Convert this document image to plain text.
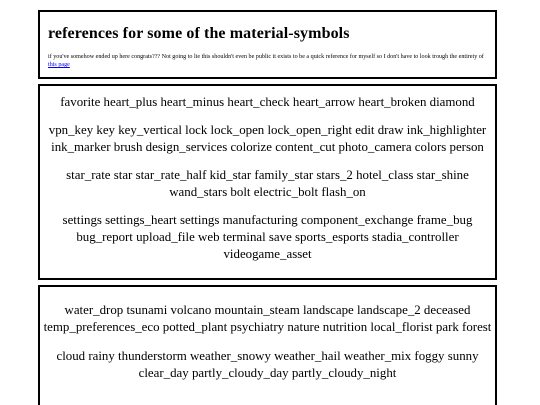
references for some of the material-symbols

if you've somehow ended up here congrats??? Not going to lie this shouldn't even be public it exists to be a quick reference for myself so I don't have to look trough the entirety of this page

favorite heart_plus heart_minus heart_check heart_arrow heart_broken diamond

vpn_key key key_vertical lock lock_open lock_open_right edit draw ink_highlighter ink_marker brush design_services colorize content_cut photo_camera colors person

star_rate star star_rate_half kid_star family_star stars_2 hotel_class star_shine wand_stars bolt electric_bolt flash_on

settings settings_heart settings manufacturing component_exchange frame_bug bug_report upload_file web terminal save sports_esports stadia_controller videogame_asset

water_drop tsunami volcano mountain_steam landscape landscape_2 deceased temp_preferences_eco potted_plant psychiatry nature nutrition local_florist park forest

cloud rainy thunderstorm weather_snowy weather_hail weather_mix foggy sunny clear_day partly_cloudy_day partly_cloudy_night
